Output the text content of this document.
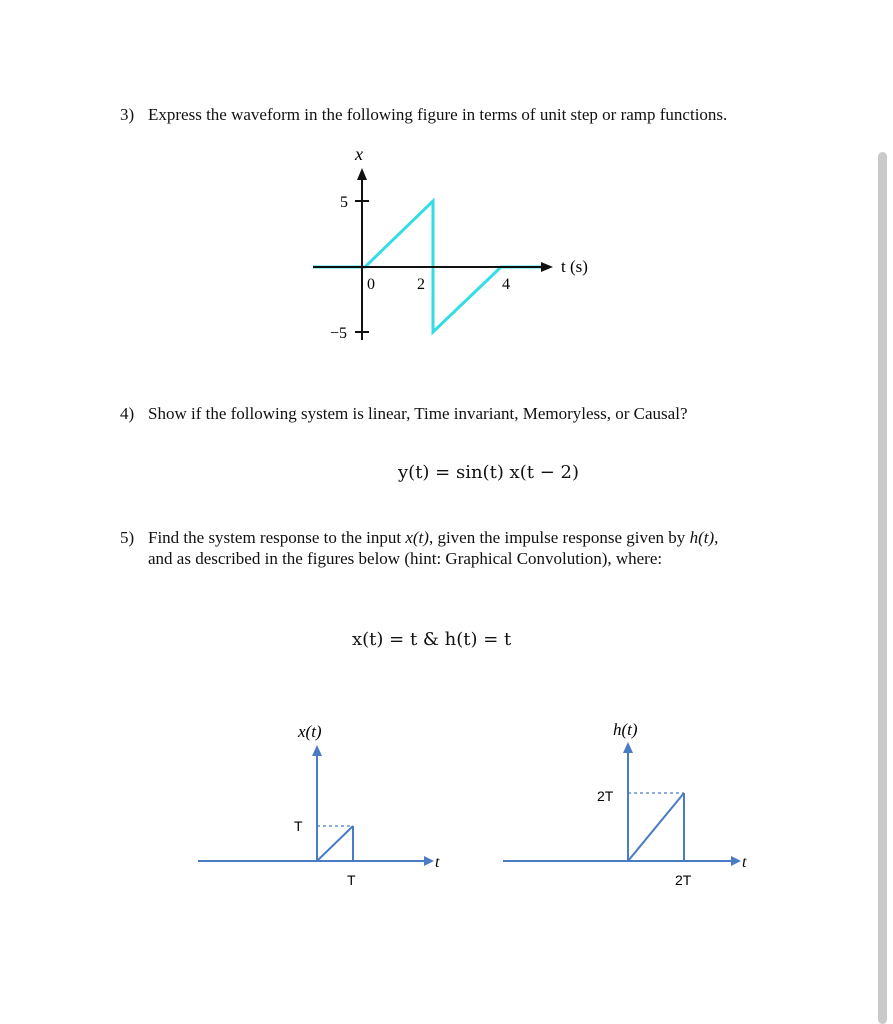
3) Express the waveform in the following figure in terms of unit step or ramp functions.
x
t (s)
5
−5
0	2	4
4) Show if the following system is linear, Time invariant, Memoryless, or Causal?
y(t) = sin(t) x(t − 2)
5) Find the system response to the input x(t), given the impulse response given by h(t),
and as described in the figures below (hint: Graphical Convolution), where:
x(t) = t & h(t) = t
x(t)
T
T
t
h(t)
2T
2T
t
